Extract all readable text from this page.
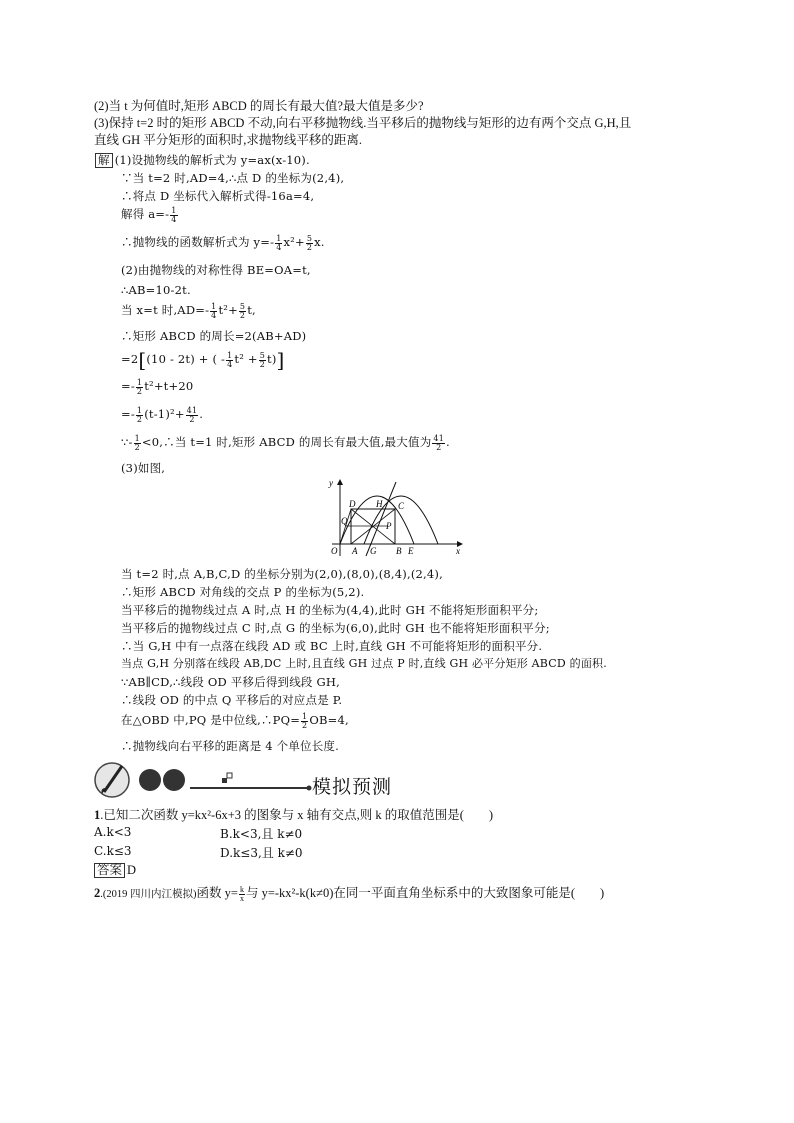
(2)当 t 为何值时,矩形 ABCD 的周长有最大值?最大值是多少?
(3)保持 t=2 时的矩形 ABCD 不动,向右平移抛物线.当平移后的抛物线与矩形的边有两个交点 G,H,且
直线 GH 平分矩形的面积时,求抛物线平移的距离.
解 (1)设抛物线的解析式为 y=ax(x-10).
∵当 t=2 时,AD=4,∴点 D 的坐标为(2,4),
∴将点 D 坐标代入解析式得-16a=4,
解得 $a=- \frac{1}{4}$
∴抛物线的函数解析式为 $y=- \frac{1}{4} x^2+ \frac{5}{2} x$.
(2)由抛物线的对称性得 BE=OA=t,
∴AB=10-2t.
当 x=t 时$,AD=- \frac{1}{4} t^2+ \frac{5}{2} t$,
∴矩形 ABCD 的周长=2(AB+AD)
=2[(10 - 2t) + ( - $\frac{1}{4} t^2 + \frac{5}{2} t$)]
=- $\frac{1}{2} t^2+t+20$
=- $\frac{1}{2} (t-1)^2+ \frac{41}{2}$ .
∵- $\frac{1}{2}$ <0,∴当 t=1 时,矩形 ABCD 的周长有最大值,最大值为 $\frac{41}{2}$ .
(3)如图,
y
D H C
Q	P
O A G B E	x
当 t=2 时,点 A,B,C,D 的坐标分别为(2,0),(8,0),(8,4),(2,4),
∴矩形 ABCD 对角线的交点 P 的坐标为(5,2).
当平移后的抛物线过点 A 时,点 H 的坐标为(4,4),此时 GH 不能将矩形面积平分;
当平移后的抛物线过点 C 时,点 G 的坐标为(6,0),此时 GH 也不能将矩形面积平分;
∴当 G,H 中有一点落在线段 AD 或 BC 上时,直线 GH 不可能将矩形的面积平分.
当点 G,H 分别落在线段 AB,DC 上时,且直线 GH 过点 P 时,直线 GH 必平分矩形 ABCD 的面积.
∵AB∥CD,∴线段 OD 平移后得到线段 GH,
∴线段 OD 的中点 Q 平移后的对应点是 P.
在△OBD 中,PQ 是中位线,∴PQ= $\frac{1}{2} OB=4$,
∴抛物线向右平移的距离是 4 个单位长度.
模拟预测
1.已知二次函数 y=kx²-6x+3 的图象与 x 轴有交点,则 k 的取值范围是(　　)
A.k<3	B.k<3,且 k≠0
C.k≤3	D.k≤3,且 k≠0
答案 D
2.(2019 四川内江模拟)函数 $y= \frac{k}{x}$ 与 y=-kx²-k(k≠0)在同一平面直角坐标系中的大致图象可能是(　　)
